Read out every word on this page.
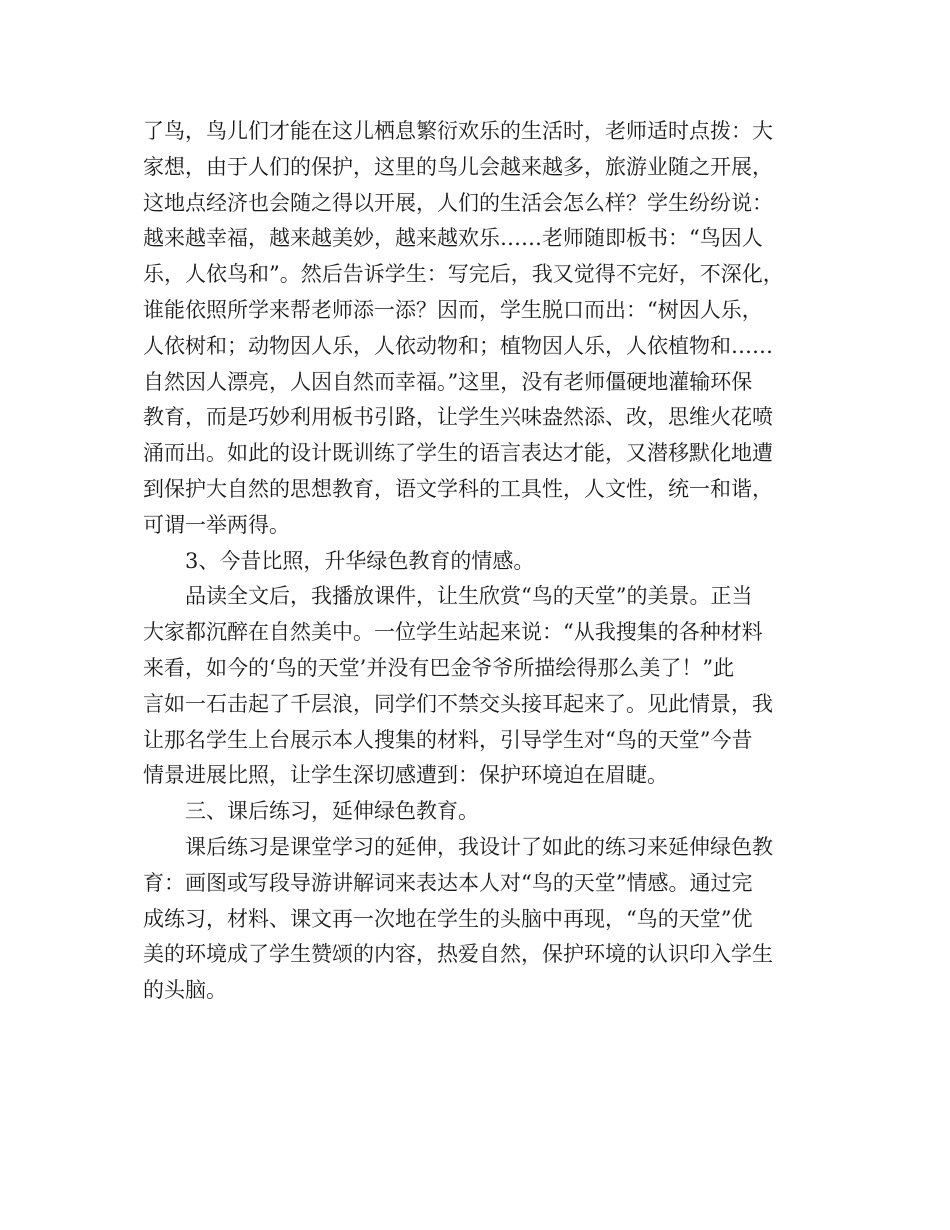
了鸟，鸟儿们才能在这儿栖息繁衍欢乐的生活时，老师适时点拨：大
家想，由于人们的保护，这里的鸟儿会越来越多，旅游业随之开展，
这地点经济也会随之得以开展，人们的生活会怎么样？学生纷纷说：
越来越幸福，越来越美妙，越来越欢乐……老师随即板书：“鸟因人
乐，人依鸟和”。然后告诉学生：写完后，我又觉得不完好，不深化，
谁能依照所学来帮老师添一添？因而，学生脱口而出：“树因人乐，
人依树和；动物因人乐，人依动物和；植物因人乐，人依植物和……
自然因人漂亮，人因自然而幸福。”这里，没有老师僵硬地灌输环保
教育，而是巧妙利用板书引路，让学生兴味盎然添、改，思维火花喷
涌而出。如此的设计既训练了学生的语言表达才能，又潜移默化地遭
到保护大自然的思想教育，语文学科的工具性，人文性，统一和谐，
可谓一举两得。
3、今昔比照，升华绿色教育的情感。
品读全文后，我播放课件，让生欣赏“鸟的天堂”的美景。正当
大家都沉醉在自然美中。一位学生站起来说：“从我搜集的各种材料
来看，如今的‘鸟的天堂’并没有巴金爷爷所描绘得那么美了！”此
言如一石击起了千层浪，同学们不禁交头接耳起来了。见此情景，我
让那名学生上台展示本人搜集的材料，引导学生对“鸟的天堂”今昔
情景进展比照，让学生深切感遭到：保护环境迫在眉睫。
三、课后练习，延伸绿色教育。
课后练习是课堂学习的延伸，我设计了如此的练习来延伸绿色教
育：画图或写段导游讲解词来表达本人对“鸟的天堂”情感。通过完
成练习，材料、课文再一次地在学生的头脑中再现，“鸟的天堂”优
美的环境成了学生赞颂的内容，热爱自然，保护环境的认识印入学生
的头脑。
